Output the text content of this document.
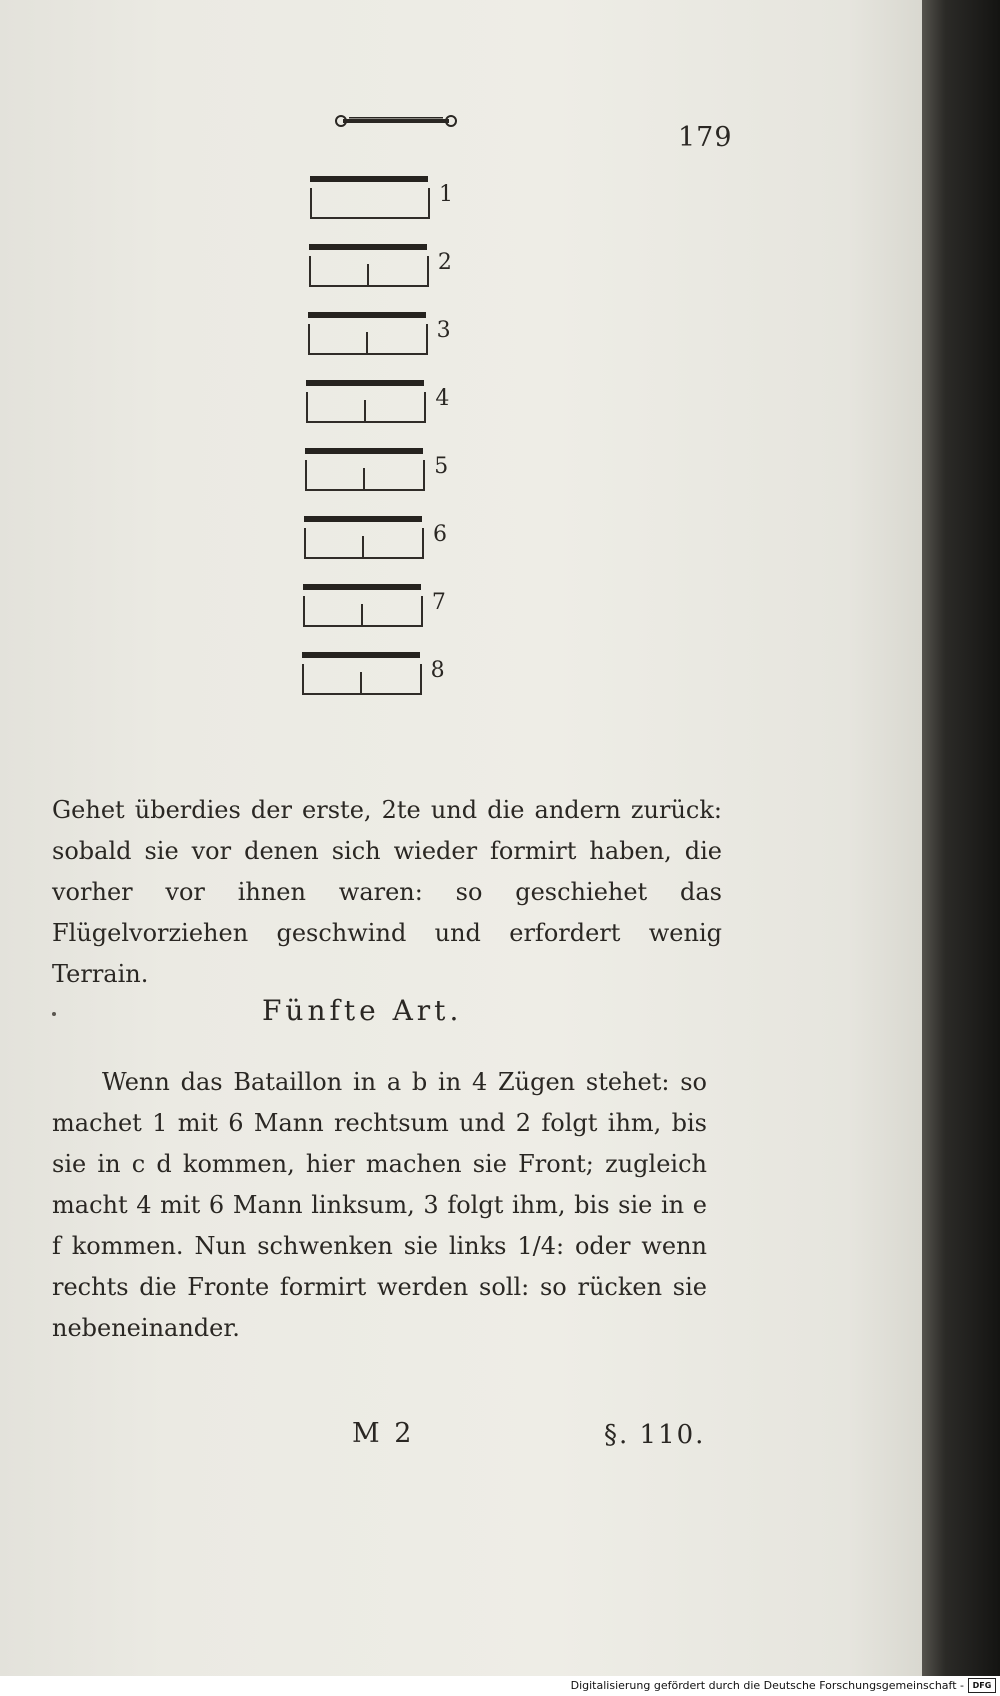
179
1
2
3
4
5
6
7
8
Gehet überdies der erste, 2te und die andern zurück: sobald sie vor denen sich wieder formirt haben, die vorher vor ihnen waren: so geschiehet das Flügelvorziehen geschwind und erfordert wenig Terrain.
Fünfte Art.
Wenn das Bataillon in a b in 4 Zügen stehet: so machet 1 mit 6 Mann rechtsum und 2 folgt ihm, bis sie in c d kommen, hier machen sie Front; zugleich macht 4 mit 6 Mann linksum, 3 folgt ihm, bis sie in e f kommen. Nun schwenken sie links 1/4: oder wenn rechts die Fronte formirt werden soll: so rücken sie nebeneinander.
M 2	§. 110.
Digitalisierung gefördert durch die Deutsche Forschungsgemeinschaft -	DFG
